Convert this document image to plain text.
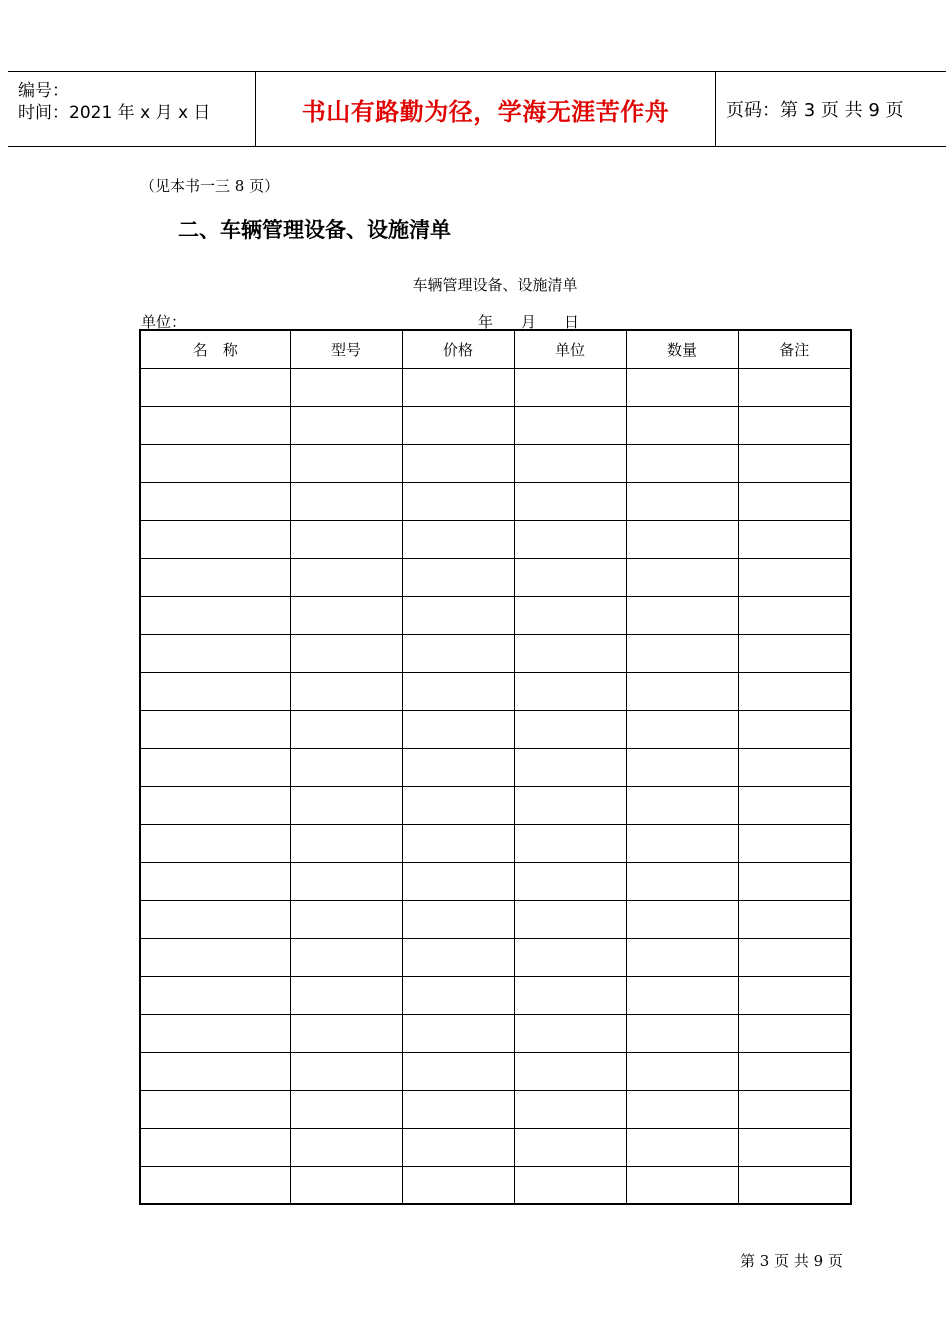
编号：
时间：2021 年 x 月 x 日	书山有路勤为径，学海无涯苦作舟	页码：第 3 页 共 9 页
（见本书一三 8 页）
二、车辆管理设备、设施清单
车辆管理设备、设施清单
单位：	年 月 日
名　称	型号	价格	单位	数量	备注

第 3 页 共 9 页
